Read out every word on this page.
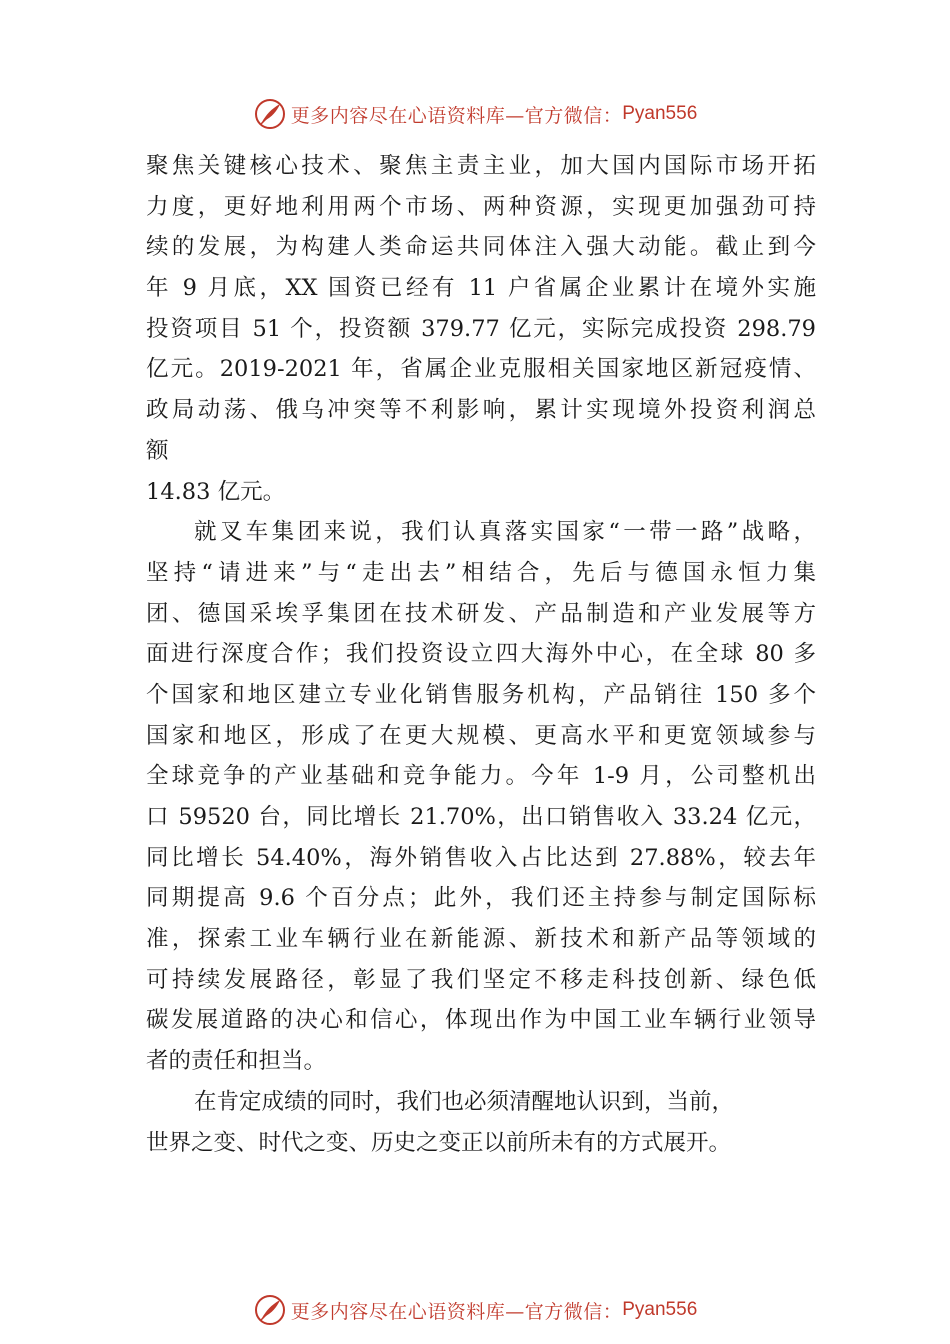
更多内容尽在心语资料库—官方微信： Pyan556
聚焦关键核心技术、聚焦主责主业，加大国内国际市场开拓
力度，更好地利用两个市场、两种资源，实现更加强劲可持
续的发展，为构建人类命运共同体注入强大动能。截止到今
年 9 月底，XX 国资已经有 11 户省属企业累计在境外实施
投资项目 51 个，投资额 379.77 亿元，实际完成投资 298.79
亿元。2019-2021 年，省属企业克服相关国家地区新冠疫情、
政局动荡、俄乌冲突等不利影响，累计实现境外投资利润总
额
14.83 亿元。
就叉车集团来说，我们认真落实国家“一带一路”战略，
坚持“请进来”与“走出去”相结合，先后与德国永恒力集
团、德国采埃孚集团在技术研发、产品制造和产业发展等方
面进行深度合作；我们投资设立四大海外中心，在全球 80 多
个国家和地区建立专业化销售服务机构，产品销往 150 多个
国家和地区，形成了在更大规模、更高水平和更宽领域参与
全球竞争的产业基础和竞争能力。今年 1-9 月，公司整机出
口 59520 台，同比增长 21.70%，出口销售收入 33.24 亿元，
同比增长 54.40%，海外销售收入占比达到 27.88%，较去年
同期提高 9.6 个百分点；此外，我们还主持参与制定国际标
准，探索工业车辆行业在新能源、新技术和新产品等领域的
可持续发展路径，彰显了我们坚定不移走科技创新、绿色低
碳发展道路的决心和信心，体现出作为中国工业车辆行业领导
者的责任和担当。
在肯定成绩的同时，我们也必须清醒地认识到，当前，
世界之变、时代之变、历史之变正以前所未有的方式展开。
更多内容尽在心语资料库—官方微信： Pyan556
